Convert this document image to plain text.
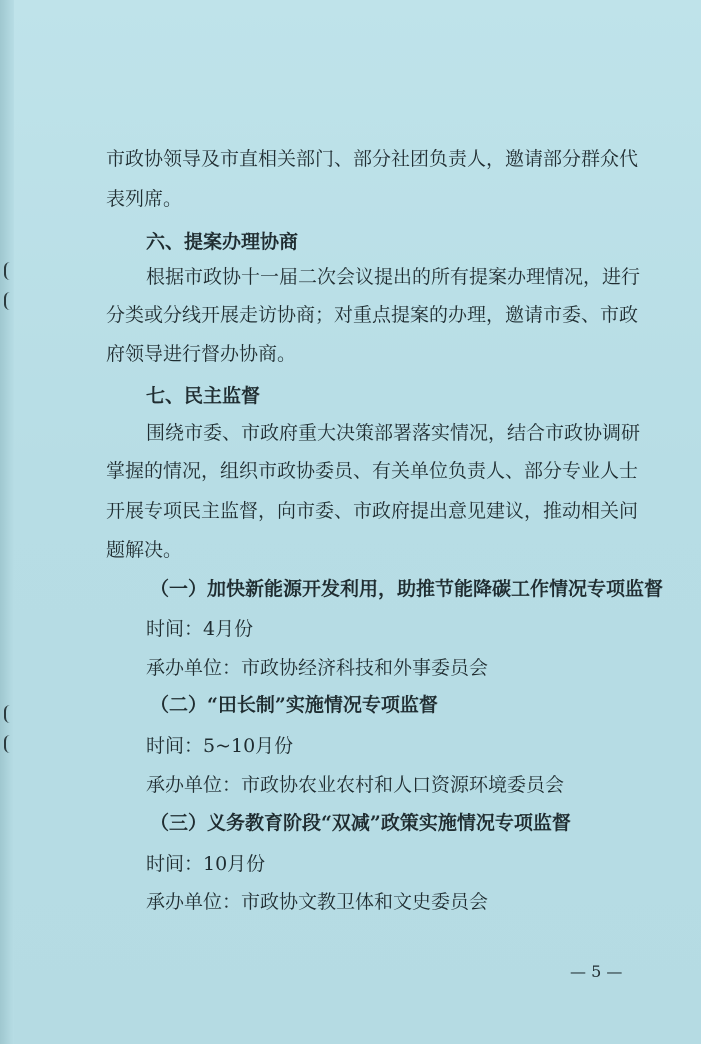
市政协领导及市直相关部门、部分社团负责人，邀请部分群众代
表列席。
六、提案办理协商
根据市政协十一届二次会议提出的所有提案办理情况，进行
分类或分线开展走访协商；对重点提案的办理，邀请市委、市政
府领导进行督办协商。
七、民主监督
围绕市委、市政府重大决策部署落实情况，结合市政协调研
掌握的情况，组织市政协委员、有关单位负责人、部分专业人士
开展专项民主监督，向市委、市政府提出意见建议，推动相关问
题解决。
（一）加快新能源开发利用，助推节能降碳工作情况专项监督
时间：4月份
承办单位：市政协经济科技和外事委员会
（二）“田长制”实施情况专项监督
时间：5~10月份
承办单位：市政协农业农村和人口资源环境委员会
（三）义务教育阶段“双减”政策实施情况专项监督
时间：10月份
承办单位：市政协文教卫体和文史委员会
— 5 —
